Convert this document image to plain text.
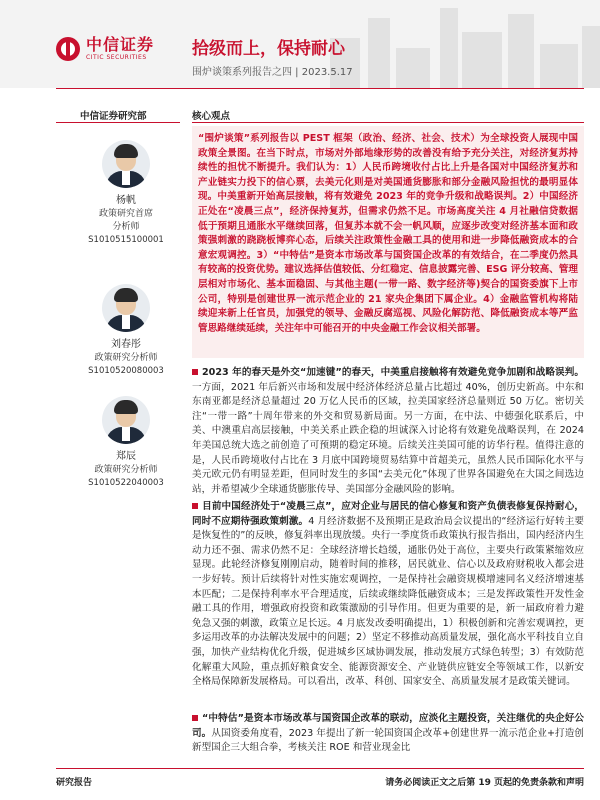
中信证券
CITIC SECURITIES	拾级而上，保持耐心
围炉谈策系列报告之四 | 2023.5.17
中信证券研究部
杨帆
政策研究首席
分析师
S1010515100001
刘春彤
政策研究分析师
S1010520080003
郑辰
政策研究分析师
S1010522040003
核心观点
“围炉谈策”系列报告以 PEST 框架（政治、经济、社会、技术）为全球投资人展现中国政策全景图。在当下时点，市场对外部地缘形势的改善没有给予充分关注，对经济复苏持续性的担忧不断提升。我们认为：1）人民币跨境收付占比上升是各国对中国经济复苏和产业链实力投下的信心票，去美元化则是对美国通货膨胀和部分金融风险担忧的最明显体现。中美重新开始高层接触，将有效避免 2023 年的竞争升级和战略误判。2）中国经济正处在“凌晨三点”，经济保持复苏，但需求仍然不足。市场高度关注 4 月社融信贷数据低于预期且通胀水平继续回落，但复苏本就不会一帆风顺，应逐步改变对经济基本面和政策强刺激的跷跷板博弈心态，后续关注政策性金融工具的使用和进一步降低融资成本的合意宏观调控。3）“中特估”是资本市场改革与国资国企改革的有效结合，在二季度仍然具有较高的投资优势。建议选择估值较低、分红稳定、信息披露完善、ESG 评分较高、管理层相对市场化、基本面稳固、与其他主题(一带一路、数字经济等)契合的国资委旗下上市公司，特别是创建世界一流示范企业的 21 家央企集团下属企业。4）金融监管机构将陆续迎来新上任官员，加强党的领导、金融反腐巡视、风险化解防范、降低融资成本等严监管思路继续延续，关注年中可能召开的中央金融工作会议相关部署。
2023 年的春天是外交“加速键”的春天，中美重启接触将有效避免竞争加剧和战略误判。一方面，2021 年后新兴市场和发展中经济体经济总量占比超过 40%，创历史新高。中东和东南亚都是经济总量超过 20 万亿人民币的区域，拉美国家经济总量则近 50 万亿。密切关注“一带一路”十周年带来的外交和贸易新局面。另一方面，在中法、中德强化联系后，中美、中澳重启高层接触，中美关系止跌企稳的坦诚深入讨论将有效避免战略误判，在 2024 年美国总统大选之前创造了可预期的稳定环境。后续关注美国可能的访华行程。值得注意的是，人民币跨境收付占比在 3 月底中国跨境贸易结算中首超美元，虽然人民币国际化水平与美元欧元仍有明显差距，但同时发生的多国“去美元化”体现了世界各国避免在大国之间选边站，并希望减少全球通货膨胀传导、美国部分金融风险的影响。
目前中国经济处于“凌晨三点”，应对企业与居民的信心修复和资产负债表修复保持耐心，同时不应期待强政策刺激。4 月经济数据不及预期正是政治局会议提出的“经济运行好转主要是恢复性的”的反映，修复斜率出现放缓。央行一季度货币政策执行报告指出，国内经济内生动力还不强、需求仍然不足：全球经济增长趋缓，通胀仍处于高位，主要央行政策紧缩效应显现。此轮经济修复刚刚启动，随着时间的推移，居民就业、信心以及政府财税收入都会进一步好转。预计后续将针对性实施宏观调控，一是保持社会融资规模增速同名义经济增速基本匹配；二是保持利率水平合理适度，后续或继续降低融资成本；三是发挥政策性开发性金融工具的作用，增强政府投资和政策激励的引导作用。但更为重要的是，新一届政府着力避免急又强的刺激，政策立足长远。4 月底发改委明确提出，1）积极创新和完善宏观调控，更多运用改革的办法解决发展中的问题；2）坚定不移推动高质量发展，强化高水平科技自立自强，加快产业结构优化升级，促进城乡区域协调发展，推动发展方式绿色转型；3）有效防范化解重大风险，重点抓好粮食安全、能源资源安全、产业链供应链安全等领域工作，以新安全格局保障新发展格局。可以看出，改革、科创、国家安全、高质量发展才是政策关键词。
“中特估”是资本市场改革与国资国企改革的联动，应淡化主题投资，关注继优的央企好公司。从国资委角度看，2023 年提出了新一轮国资国企改革+创建世界一流示范企业+打造创新型国企三大组合拳，考核关注 ROE 和营业现金比
研究报告	请务必阅读正文之后第 19 页起的免责条款和声明
